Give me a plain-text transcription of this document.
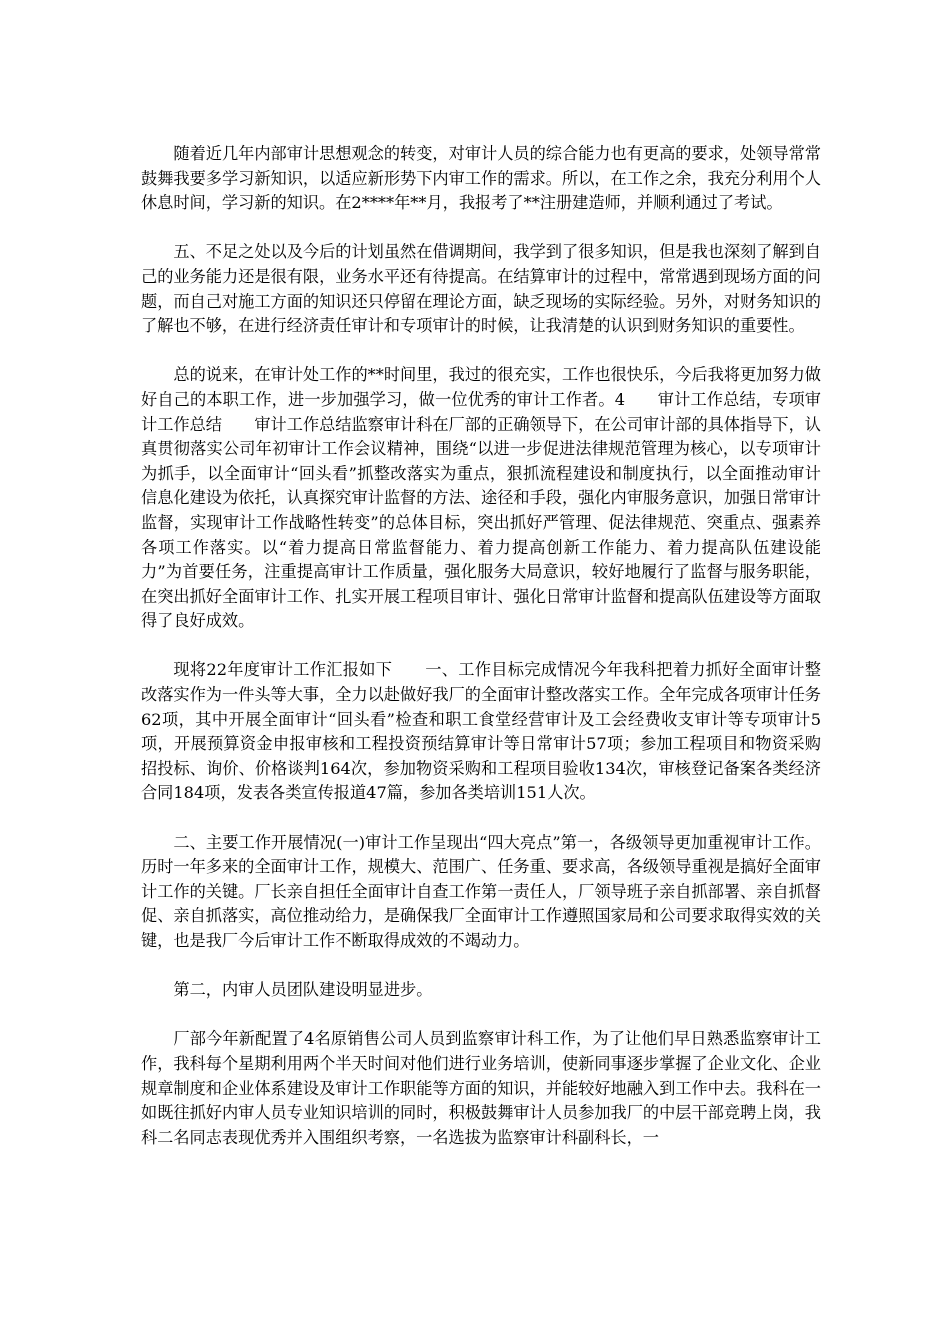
随着近几年内部审计思想观念的转变，对审计人员的综合能力也有更高的要求，处领导常常鼓舞我要多学习新知识，以适应新形势下内审工作的需求。所以，在工作之余，我充分利用个人休息时间，学习新的知识。在2****年**月，我报考了**注册建造师，并顺利通过了考试。

五、不足之处以及今后的计划虽然在借调期间，我学到了很多知识，但是我也深刻了解到自己的业务能力还是很有限，业务水平还有待提高。在结算审计的过程中，常常遇到现场方面的问题，而自己对施工方面的知识还只停留在理论方面，缺乏现场的实际经验。另外，对财务知识的了解也不够，在进行经济责任审计和专项审计的时候，让我清楚的认识到财务知识的重要性。

总的说来，在审计处工作的**时间里，我过的很充实，工作也很快乐，今后我将更加努力做好自己的本职工作，进一步加强学习，做一位优秀的审计工作者。4　　审计工作总结，专项审计工作总结　　审计工作总结监察审计科在厂部的正确领导下，在公司审计部的具体指导下，认真贯彻落实公司年初审计工作会议精神，围绕“以进一步促进法律规范管理为核心，以专项审计为抓手，以全面审计“回头看”抓整改落实为重点，狠抓流程建设和制度执行，以全面推动审计信息化建设为依托，认真探究审计监督的方法、途径和手段，强化内审服务意识，加强日常审计监督，实现审计工作战略性转变”的总体目标，突出抓好严管理、促法律规范、突重点、强素养各项工作落实。以“着力提高日常监督能力、着力提高创新工作能力、着力提高队伍建设能力”为首要任务，注重提高审计工作质量，强化服务大局意识，较好地履行了监督与服务职能，在突出抓好全面审计工作、扎实开展工程项目审计、强化日常审计监督和提高队伍建设等方面取得了良好成效。

现将22年度审计工作汇报如下　　一、工作目标完成情况今年我科把着力抓好全面审计整改落实作为一件头等大事，全力以赴做好我厂的全面审计整改落实工作。全年完成各项审计任务62项，其中开展全面审计“回头看”检查和职工食堂经营审计及工会经费收支审计等专项审计5项，开展预算资金申报审核和工程投资预结算审计等日常审计57项；参加工程项目和物资采购招投标、询价、价格谈判164次，参加物资采购和工程项目验收134次，审核登记备案各类经济合同184项，发表各类宣传报道47篇，参加各类培训151人次。

二、主要工作开展情况(一)审计工作呈现出“四大亮点”第一，各级领导更加重视审计工作。历时一年多来的全面审计工作，规模大、范围广、任务重、要求高，各级领导重视是搞好全面审计工作的关键。厂长亲自担任全面审计自查工作第一责任人，厂领导班子亲自抓部署、亲自抓督促、亲自抓落实，高位推动给力，是确保我厂全面审计工作遵照国家局和公司要求取得实效的关键，也是我厂今后审计工作不断取得成效的不竭动力。

第二，内审人员团队建设明显进步。

厂部今年新配置了4名原销售公司人员到监察审计科工作，为了让他们早日熟悉监察审计工作，我科每个星期利用两个半天时间对他们进行业务培训，使新同事逐步掌握了企业文化、企业规章制度和企业体系建设及审计工作职能等方面的知识，并能较好地融入到工作中去。我科在一如既往抓好内审人员专业知识培训的同时，积极鼓舞审计人员参加我厂的中层干部竞聘上岗，我科二名同志表现优秀并入围组织考察，一名选拔为监察审计科副科长，一
